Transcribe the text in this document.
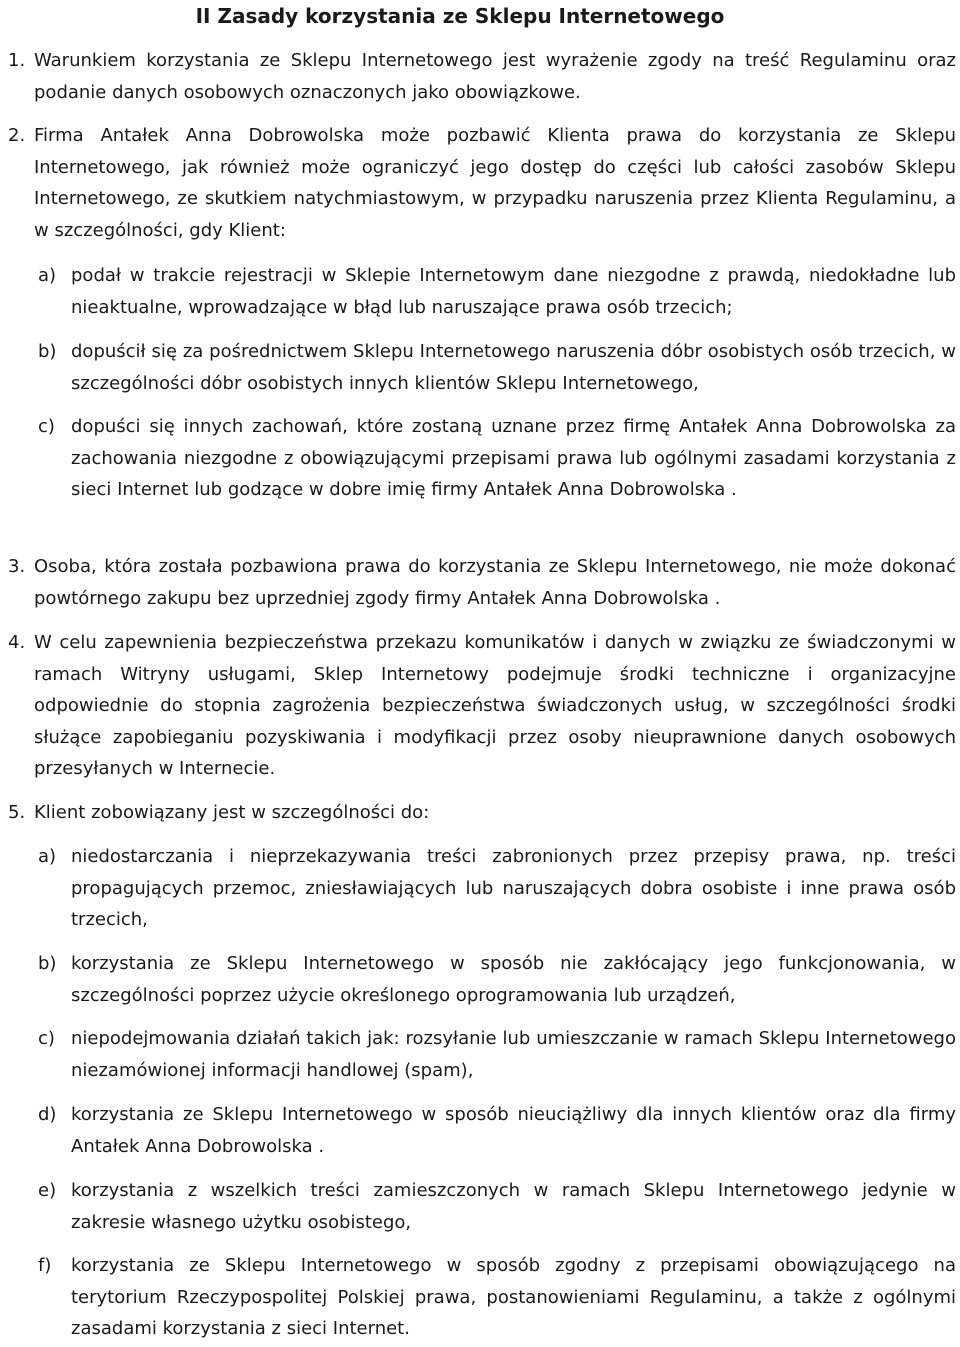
II Zasady korzystania ze Sklepu Internetowego
1. Warunkiem korzystania ze Sklepu Internetowego jest wyrażenie zgody na treść Regulaminu oraz podanie danych osobowych oznaczonych jako obowiązkowe.
2. Firma Antałek Anna Dobrowolska może pozbawić Klienta prawa do korzystania ze Sklepu Internetowego, jak również może ograniczyć jego dostęp do części lub całości zasobów Sklepu Internetowego, ze skutkiem natychmiastowym, w przypadku naruszenia przez Klienta Regulaminu, a w szczególności, gdy Klient:
a) podał w trakcie rejestracji w Sklepie Internetowym dane niezgodne z prawdą, niedokładne lub nieaktualne, wprowadzające w błąd lub naruszające prawa osób trzecich;
b) dopuścił się za pośrednictwem Sklepu Internetowego naruszenia dóbr osobistych osób trzecich, w szczególności dóbr osobistych innych klientów Sklepu Internetowego,
c) dopuści się innych zachowań, które zostaną uznane przez firmę Antałek Anna Dobrowolska za zachowania niezgodne z obowiązującymi przepisami prawa lub ogólnymi zasadami korzystania z sieci Internet lub godzące w dobre imię firmy Antałek Anna Dobrowolska .
3. Osoba, która została pozbawiona prawa do korzystania ze Sklepu Internetowego, nie może dokonać powtórnego zakupu bez uprzedniej zgody firmy Antałek Anna Dobrowolska .
4. W celu zapewnienia bezpieczeństwa przekazu komunikatów i danych w związku ze świadczonymi w ramach Witryny usługami, Sklep Internetowy podejmuje środki techniczne i organizacyjne odpowiednie do stopnia zagrożenia bezpieczeństwa świadczonych usług, w szczególności środki służące zapobieganiu pozyskiwania i modyfikacji przez osoby nieuprawnione danych osobowych przesyłanych w Internecie.
5. Klient zobowiązany jest w szczególności do:
a) niedostarczania i nieprzekazywania treści zabronionych przez przepisy prawa, np. treści propagujących przemoc, zniesławiających lub naruszających dobra osobiste i inne prawa osób trzecich,
b) korzystania ze Sklepu Internetowego w sposób nie zakłócający jego funkcjonowania, w szczególności poprzez użycie określonego oprogramowania lub urządzeń,
c) niepodejmowania działań takich jak: rozsyłanie lub umieszczanie w ramach Sklepu Internetowego niezamówionej informacji handlowej (spam),
d) korzystania ze Sklepu Internetowego w sposób nieuciążliwy dla innych klientów oraz dla firmy Antałek Anna Dobrowolska .
e) korzystania z wszelkich treści zamieszczonych w ramach Sklepu Internetowego jedynie w zakresie własnego użytku osobistego,
f) korzystania ze Sklepu Internetowego w sposób zgodny z przepisami obowiązującego na terytorium Rzeczypospolitej Polskiej prawa, postanowieniami Regulaminu, a także z ogólnymi zasadami korzystania z sieci Internet.
